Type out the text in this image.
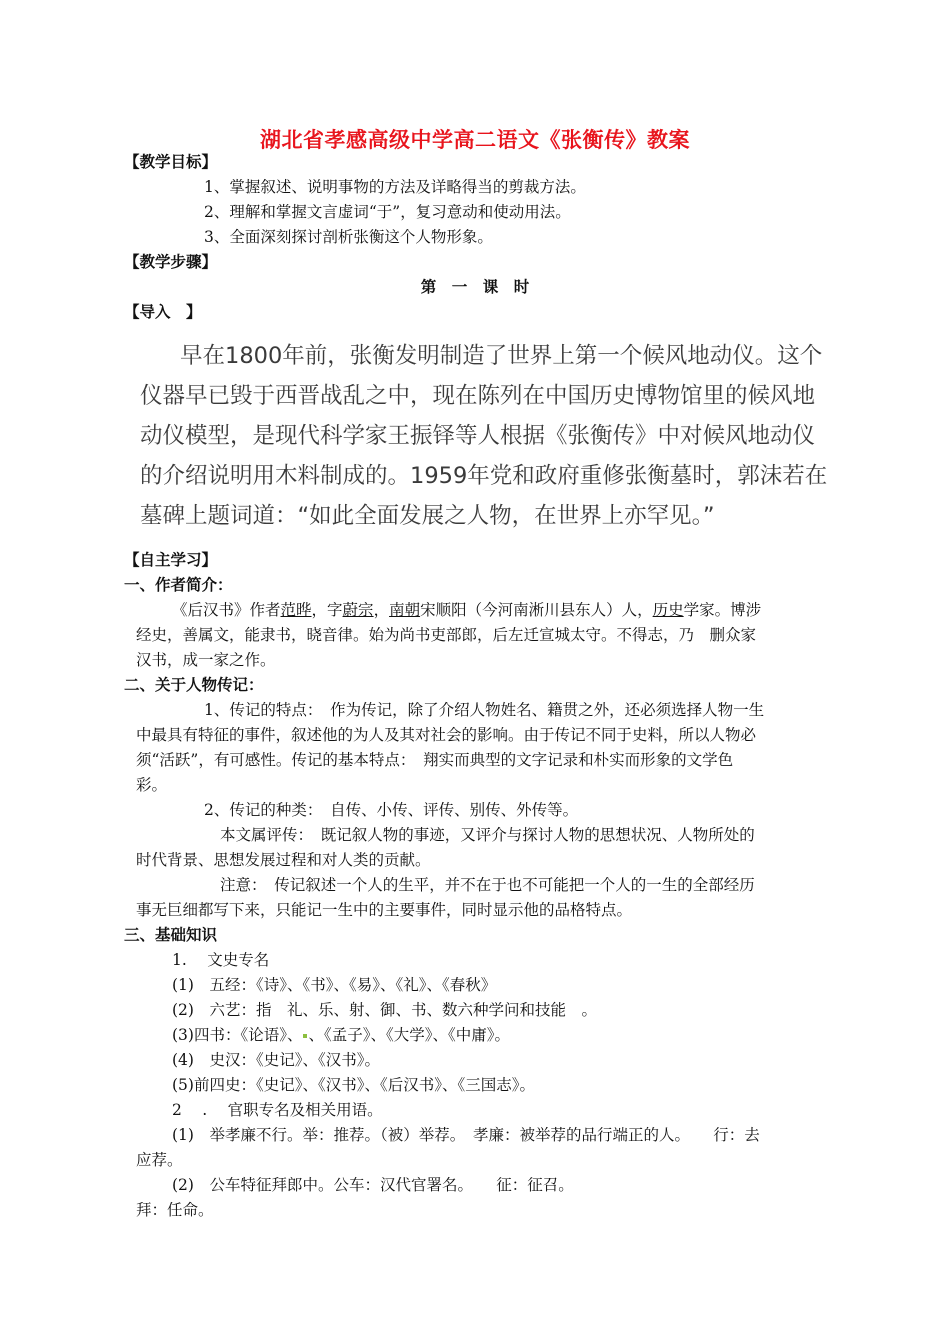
湖北省孝感高级中学高二语文《张衡传》教案
【教学目标】
1、掌握叙述、说明事物的方法及详略得当的剪裁方法。
2、理解和掌握文言虚词“于”，复习意动和使动用法。
3、全面深刻探讨剖析张衡这个人物形象。
【教学步骤】
第　一　课　时
【导入　】
早在1800年前，张衡发明制造了世界上第一个候风地动仪。这个
仪器早已毁于西晋战乱之中，现在陈列在中国历史博物馆里的候风地
动仪模型，是现代科学家王振铎等人根据《张衡传》中对候风地动仪
的介绍说明用木料制成的。1959年党和政府重修张衡墓时，郭沫若在
墓碑上题词道：“如此全面发展之人物，在世界上亦罕见。”
【自主学习】
一、作者简介：
《后汉书》作者范晔，字蔚宗，南朝宋顺阳（今河南淅川县东人）人，历史学家。博涉
经史，善属文，能隶书，晓音律。始为尚书吏部郎，后左迁宣城太守。不得志，乃　删众家
汉书，成一家之作。
二、关于人物传记：
1、传记的特点：　作为传记，除了介绍人物姓名、籍贯之外，还必须选择人物一生
中最具有特征的事件，叙述他的为人及其对社会的影响。由于传记不同于史料，所以人物必
须“活跃”，有可感性。传记的基本特点：　翔实而典型的文字记录和朴实而形象的文学色
彩。
2、传记的种类：　自传、小传、评传、别传、外传等。
本文属评传：　既记叙人物的事迹，又评介与探讨人物的思想状况、人物所处的
时代背景、思想发展过程和对人类的贡献。
注意：　传记叙述一个人的生平，并不在于也不可能把一个人的一生的全部经历
事无巨细都写下来，只能记一生中的主要事件，同时显示他的品格特点。
三、基础知识
1.　 文史专名
(1)　五经：《诗》、《书》、《易》、《礼》、《春秋》
(2)　六艺：指　礼、乐、射、御、书、数六种学问和技能　。
(3)四书：《论语》、 、《孟子》、《大学》、《中庸》。
(4)　史汉：《史记》、《汉书》。
(5)前四史：《史记》、《汉书》、《后汉书》、《三国志》。
2　 .　 官职专名及相关用语。
(1)　举孝廉不行。举：推荐。（被）举荐。　孝廉：被举荐的品行端正的人。　　行：去
应荐。
(2)　公车特征拜郎中。公车：汉代官署名。　　征：征召。
拜：任命。
